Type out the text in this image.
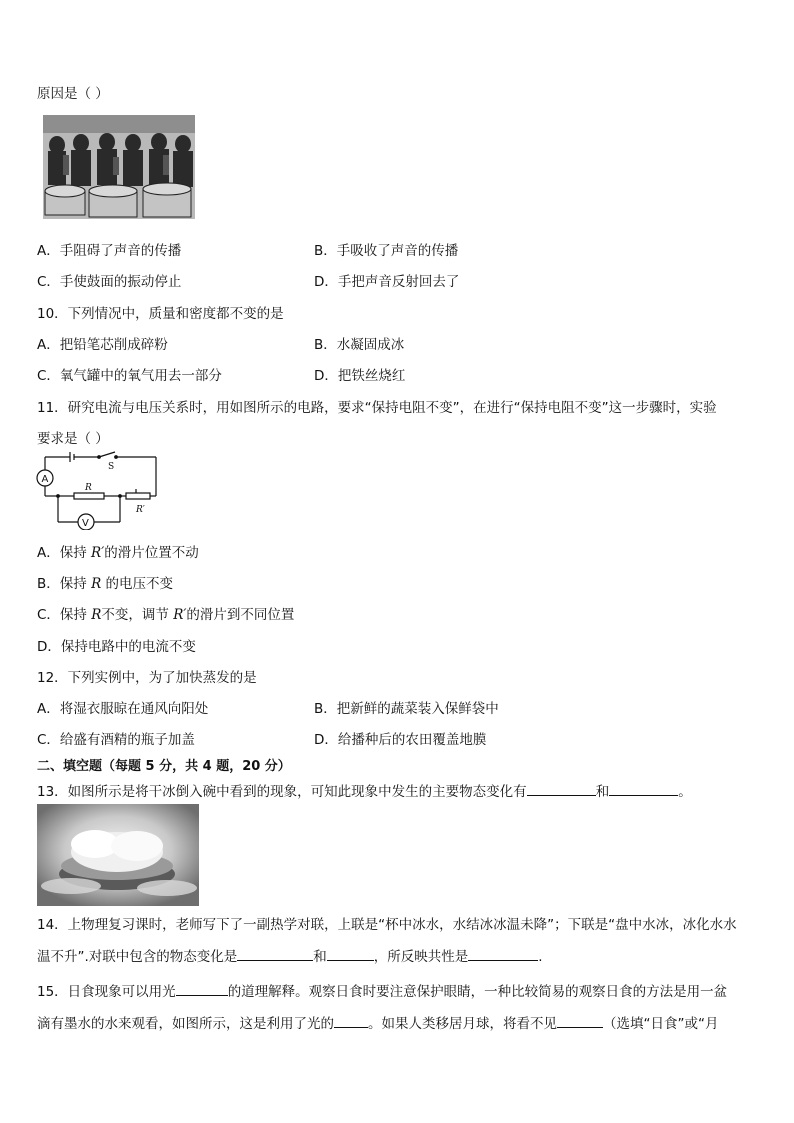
原因是（ ）
A．手阻碍了声音的传播	B．手吸收了声音的传播
C．手使鼓面的振动停止	D．手把声音反射回去了
10．下列情况中，质量和密度都不变的是
A．把铅笔芯削成碎粉	B．水凝固成冰
C．氧气罐中的氧气用去一部分	D．把铁丝烧红
11．研究电流与电压关系时，用如图所示的电路，要求“保持电阻不变”，在进行“保持电阻不变”这一步骤时，实验
要求是（ ）
A
V
S
R
R′
A．保持 R′的滑片位置不动
B．保持 R 的电压不变
C．保持 R不变，调节 R′的滑片到不同位置
D．保持电路中的电流不变
12．下列实例中，为了加快蒸发的是
A．将湿衣服晾在通风向阳处	B．把新鲜的蔬菜装入保鲜袋中
C．给盛有酒精的瓶子加盖	D．给播种后的农田覆盖地膜
二、填空题（每题 5 分，共 4 题，20 分）
13．如图所示是将干冰倒入碗中看到的现象，可知此现象中发生的主要物态变化有	和	。
14．上物理复习课时，老师写下了一副热学对联，上联是“杯中冰水，水结冰冰温未降”；下联是“盘中水冰，冰化水水
温不升”.对联中包含的物态变化是	和	，所反映共性是	.
15．日食现象可以用光	的道理解释。观察日食时要注意保护眼睛，一种比较简易的观察日食的方法是用一盆
滴有墨水的水来观看，如图所示，这是利用了光的	。如果人类移居月球，将看不见	（选填“日食”或“月
